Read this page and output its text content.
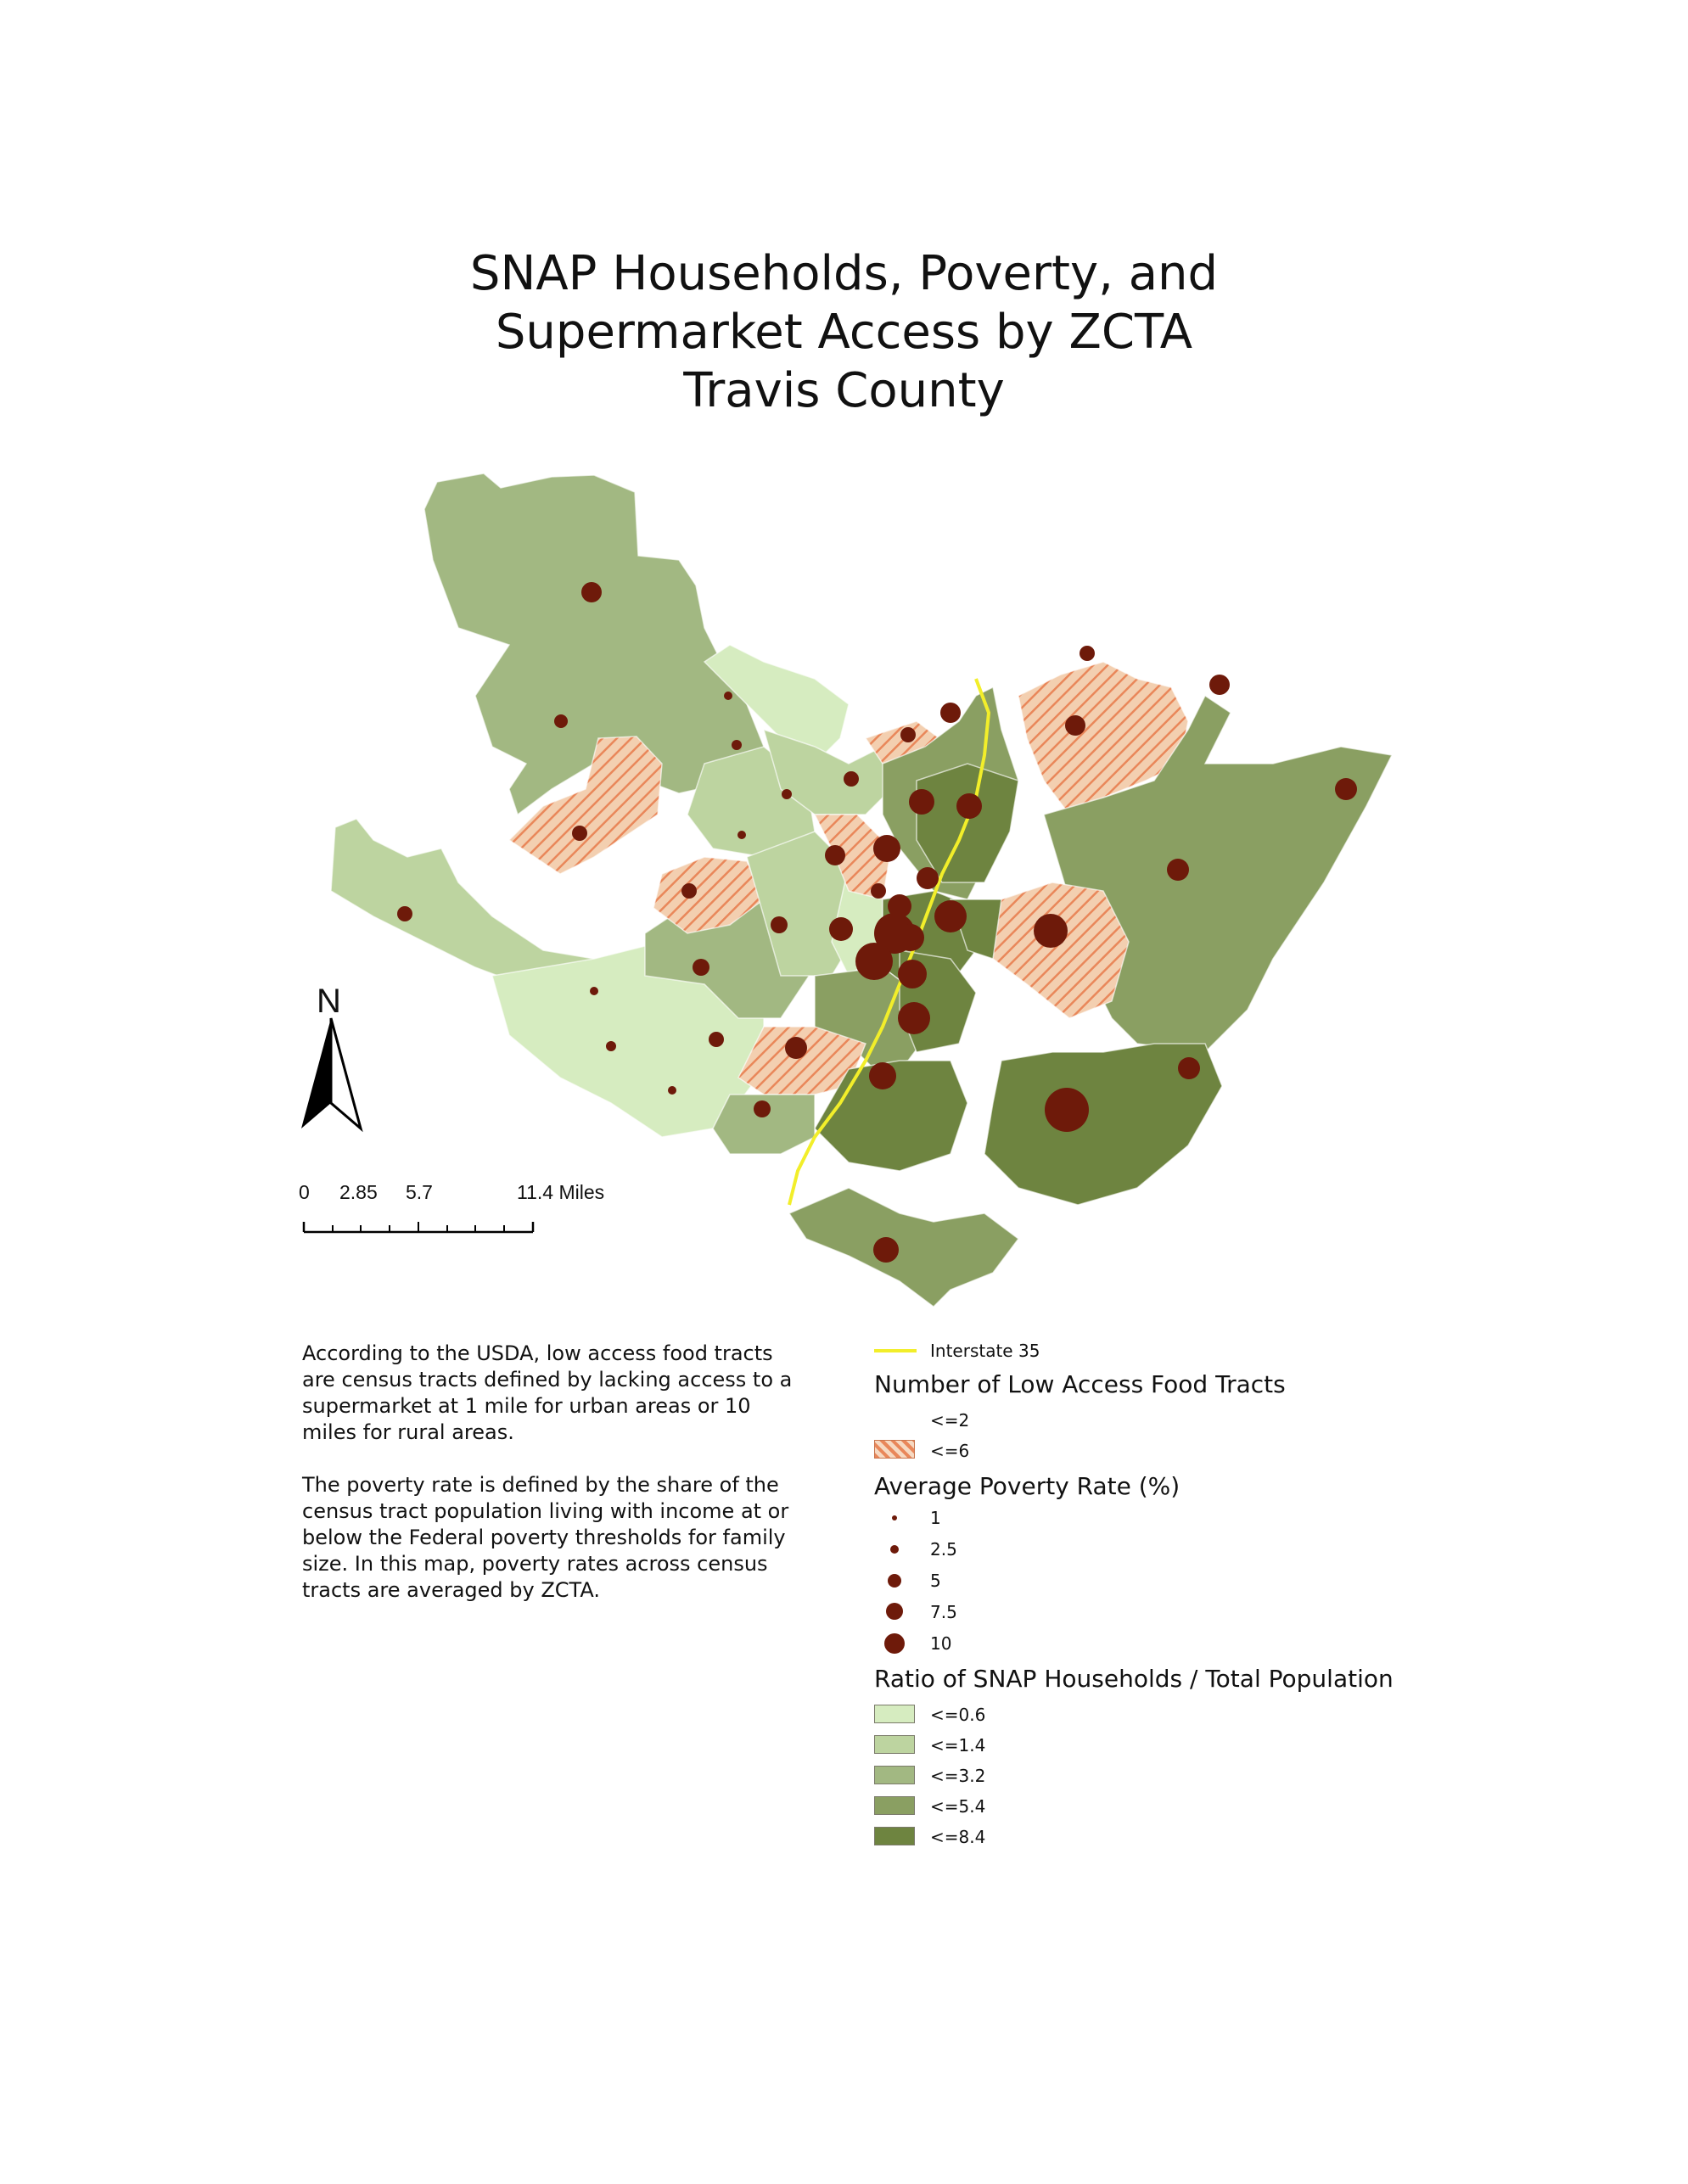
SNAP Households, Poverty, and
Supermarket Access by ZCTA
Travis County
N
0 2.85 5.7	11.4 Miles

According to the USDA, low access food tracts are census tracts defined by lacking access to a supermarket at 1 mile for urban areas or 10 miles for rural areas.

The poverty rate is defined by the share of the census tract population living with income at or below the Federal poverty thresholds for family size. In this map, poverty rates across census tracts are averaged by ZCTA.

Interstate 35
Number of Low Access Food Tracts
<=2
<=6
Average Poverty Rate (%)
1
2.5
5
7.5
10
Ratio of SNAP Households / Total Population
<=0.6
<=1.4
<=3.2
<=5.4
<=8.4
